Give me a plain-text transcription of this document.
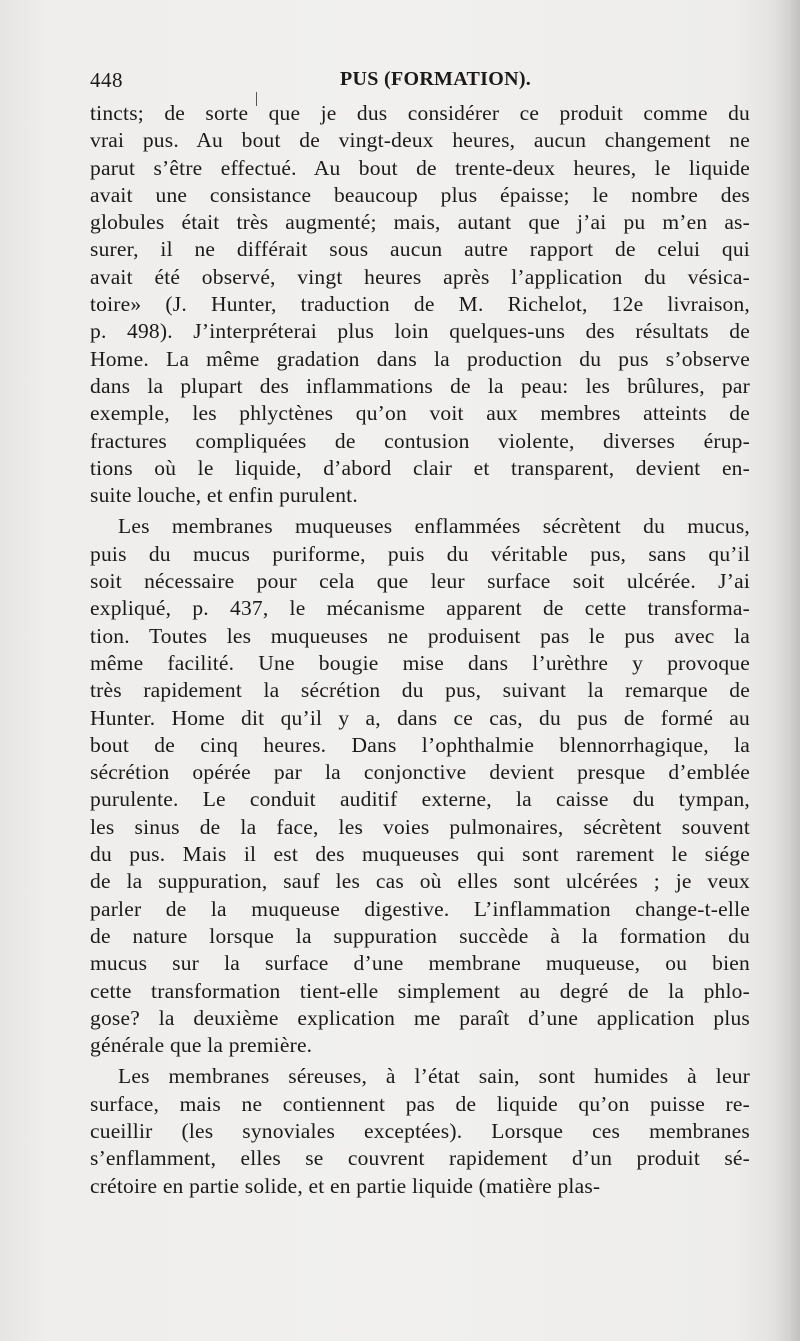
448	PUS (FORMATION).
tincts; de sorte que je dus considérer ce produit comme du
vrai pus. Au bout de vingt-deux heures, aucun changement ne
parut s’être effectué. Au bout de trente-deux heures, le liquide
avait une consistance beaucoup plus épaisse; le nombre des
globules était très augmenté; mais, autant que j’ai pu m’en as-
surer, il ne différait sous aucun autre rapport de celui qui
avait été observé, vingt heures après l’application du vésica-
toire» (J. Hunter, traduction de M. Richelot, 12e livraison,
p. 498). J’interpréterai plus loin quelques-uns des résultats de
Home. La même gradation dans la production du pus s’observe
dans la plupart des inflammations de la peau: les brûlures, par
exemple, les phlyctènes qu’on voit aux membres atteints de
fractures compliquées de contusion violente, diverses érup-
tions où le liquide, d’abord clair et transparent, devient en-
suite louche, et enfin purulent.
Les membranes muqueuses enflammées sécrètent du mucus,
puis du mucus puriforme, puis du véritable pus, sans qu’il
soit nécessaire pour cela que leur surface soit ulcérée. J’ai
expliqué, p. 437, le mécanisme apparent de cette transforma-
tion. Toutes les muqueuses ne produisent pas le pus avec la
même facilité. Une bougie mise dans l’urèthre y provoque
très rapidement la sécrétion du pus, suivant la remarque de
Hunter. Home dit qu’il y a, dans ce cas, du pus de formé au
bout de cinq heures. Dans l’ophthalmie blennorrhagique, la
sécrétion opérée par la conjonctive devient presque d’emblée
purulente. Le conduit auditif externe, la caisse du tympan,
les sinus de la face, les voies pulmonaires, sécrètent souvent
du pus. Mais il est des muqueuses qui sont rarement le siége
de la suppuration, sauf les cas où elles sont ulcérées ; je veux
parler de la muqueuse digestive. L’inflammation change-t-elle
de nature lorsque la suppuration succède à la formation du
mucus sur la surface d’une membrane muqueuse, ou bien
cette transformation tient-elle simplement au degré de la phlo-
gose? la deuxième explication me paraît d’une application plus
générale que la première.
Les membranes séreuses, à l’état sain, sont humides à leur
surface, mais ne contiennent pas de liquide qu’on puisse re-
cueillir (les synoviales exceptées). Lorsque ces membranes
s’enflamment, elles se couvrent rapidement d’un produit sé-
crétoire en partie solide, et en partie liquide (matière plas-
